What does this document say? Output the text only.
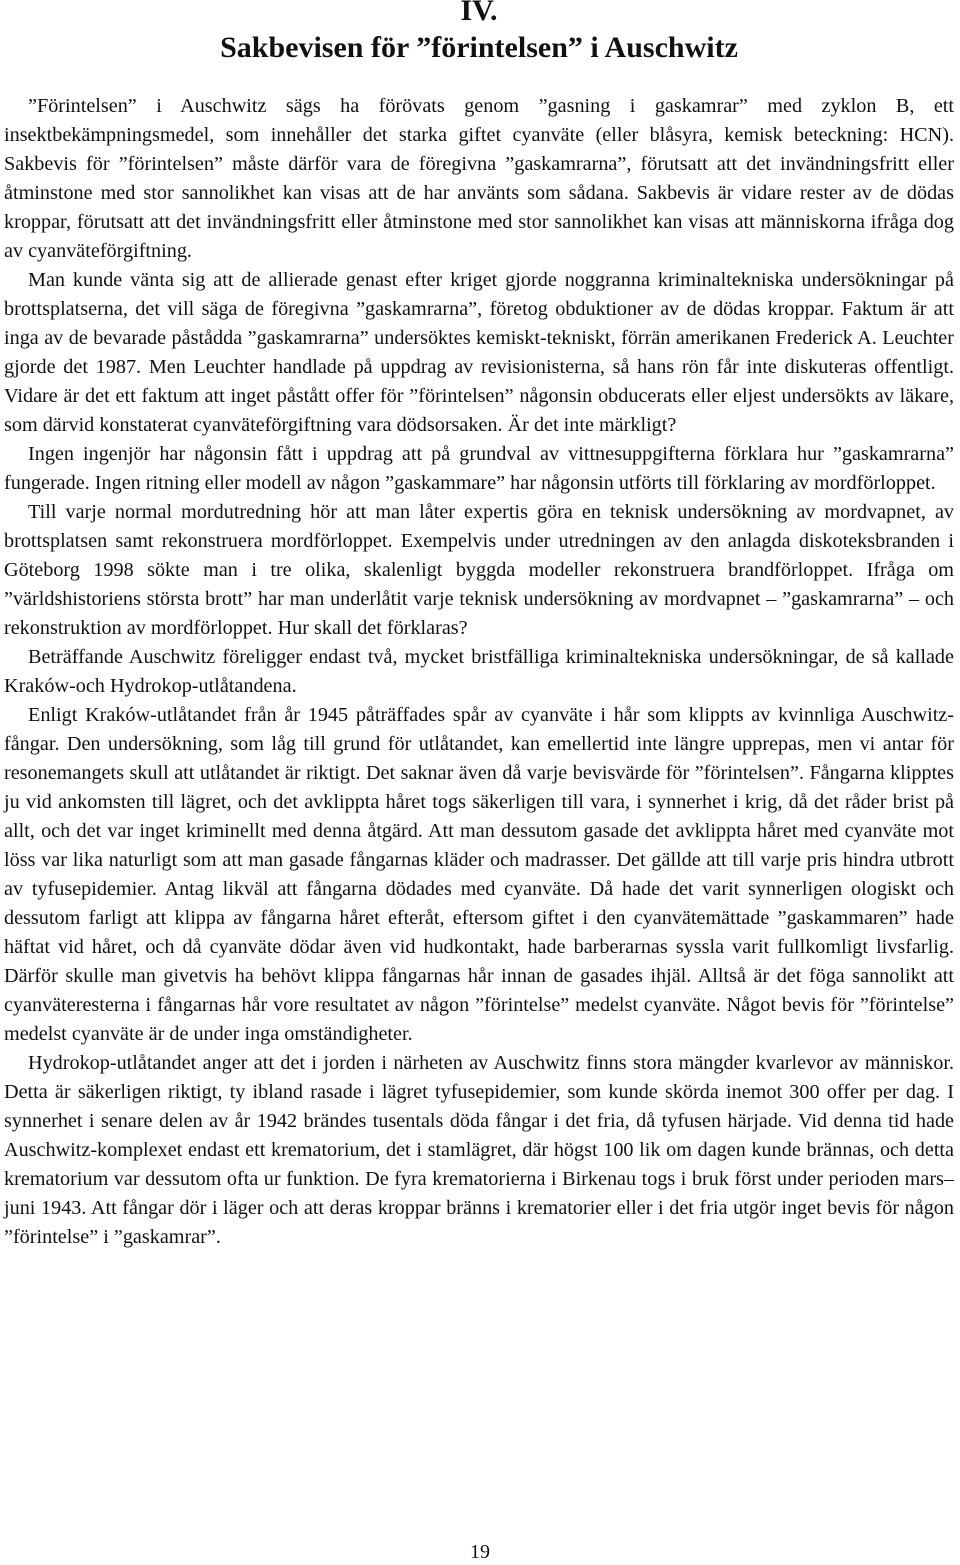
IV.
Sakbevisen för ”förintelsen” i Auschwitz

”Förintelsen” i Auschwitz sägs ha förövats genom ”gasning i gaskamrar” med zyklon B, ett insektbekämpningsmedel, som innehåller det starka giftet cyanväte (eller blåsyra, kemisk beteckning: HCN). Sakbevis för ”förintelsen” måste därför vara de föregivna ”gaskamrarna”, förutsatt att det invändningsfritt eller åtminstone med stor sannolikhet kan visas att de har använts som sådana. Sakbevis är vidare rester av de dödas kroppar, förutsatt att det invändningsfritt eller åtminstone med stor sannolikhet kan visas att människorna ifråga dog av cyanväteförgiftning.

Man kunde vänta sig att de allierade genast efter kriget gjorde noggranna kriminaltekniska undersökningar på brottsplatserna, det vill säga de föregivna ”gaskamrarna”, företog obduktioner av de dödas kroppar. Faktum är att inga av de bevarade påstådda ”gaskamrarna” undersöktes kemiskt-tekniskt, förrän amerikanen Frederick A. Leuchter gjorde det 1987. Men Leuchter handlade på uppdrag av revisionisterna, så hans rön får inte diskuteras offentligt. Vidare är det ett faktum att inget påstått offer för ”förintelsen” någonsin obducerats eller eljest undersökts av läkare, som därvid konstaterat cyanväteförgiftning vara dödsorsaken. Är det inte märkligt?

Ingen ingenjör har någonsin fått i uppdrag att på grundval av vittnesuppgifterna förklara hur ”gaskamrarna” fungerade. Ingen ritning eller modell av någon ”gaskammare” har någonsin utförts till förklaring av mordförloppet.

Till varje normal mordutredning hör att man låter expertis göra en teknisk undersökning av mordvapnet, av brottsplatsen samt rekonstruera mordförloppet. Exempelvis under utredningen av den anlagda diskoteksbranden i Göteborg 1998 sökte man i tre olika, skalenligt byggda modeller rekonstruera brandförloppet. Ifråga om ”världshistoriens största brott” har man underlåtit varje teknisk undersökning av mordvapnet – ”gaskamrarna” – och rekonstruktion av mordförloppet. Hur skall det förklaras?

Beträffande Auschwitz föreligger endast två, mycket bristfälliga kriminaltekniska undersökningar, de så kallade Kraków-och Hydrokop-utlåtandena.

Enligt Kraków-utlåtandet från år 1945 påträffades spår av cyanväte i hår som klippts av kvinnliga Auschwitz-fångar. Den undersökning, som låg till grund för utlåtandet, kan emellertid inte längre upprepas, men vi antar för resonemangets skull att utlåtandet är riktigt. Det saknar även då varje bevisvärde för ”förintelsen”. Fångarna klipptes ju vid ankomsten till lägret, och det avklippta håret togs säkerligen till vara, i synnerhet i krig, då det råder brist på allt, och det var inget kriminellt med denna åtgärd. Att man dessutom gasade det avklippta håret med cyanväte mot löss var lika naturligt som att man gasade fångarnas kläder och madrasser. Det gällde att till varje pris hindra utbrott av tyfusepidemier. Antag likväl att fångarna dödades med cyanväte. Då hade det varit synnerligen ologiskt och dessutom farligt att klippa av fångarna håret efteråt, eftersom giftet i den cyanvätemättade ”gaskammaren” hade häftat vid håret, och då cyanväte dödar även vid hudkontakt, hade barberarnas syssla varit fullkomligt livsfarlig. Därför skulle man givetvis ha behövt klippa fångarnas hår innan de gasades ihjäl. Alltså är det föga sannolikt att cyanväteresterna i fångarnas hår vore resultatet av någon ”förintelse” medelst cyanväte. Något bevis för ”förintelse” medelst cyanväte är de under inga omständigheter.

Hydrokop-utlåtandet anger att det i jorden i närheten av Auschwitz finns stora mängder kvarlevor av människor. Detta är säkerligen riktigt, ty ibland rasade i lägret tyfusepidemier, som kunde skörda inemot 300 offer per dag. I synnerhet i senare delen av år 1942 brändes tusentals döda fångar i det fria, då tyfusen härjade. Vid denna tid hade Auschwitz-komplexet endast ett krematorium, det i stamlägret, där högst 100 lik om dagen kunde brännas, och detta krematorium var dessutom ofta ur funktion. De fyra krematorierna i Birkenau togs i bruk först under perioden mars–juni 1943. Att fångar dör i läger och att deras kroppar bränns i krematorier eller i det fria utgör inget bevis för någon ”förintelse” i ”gaskamrar”.

19
